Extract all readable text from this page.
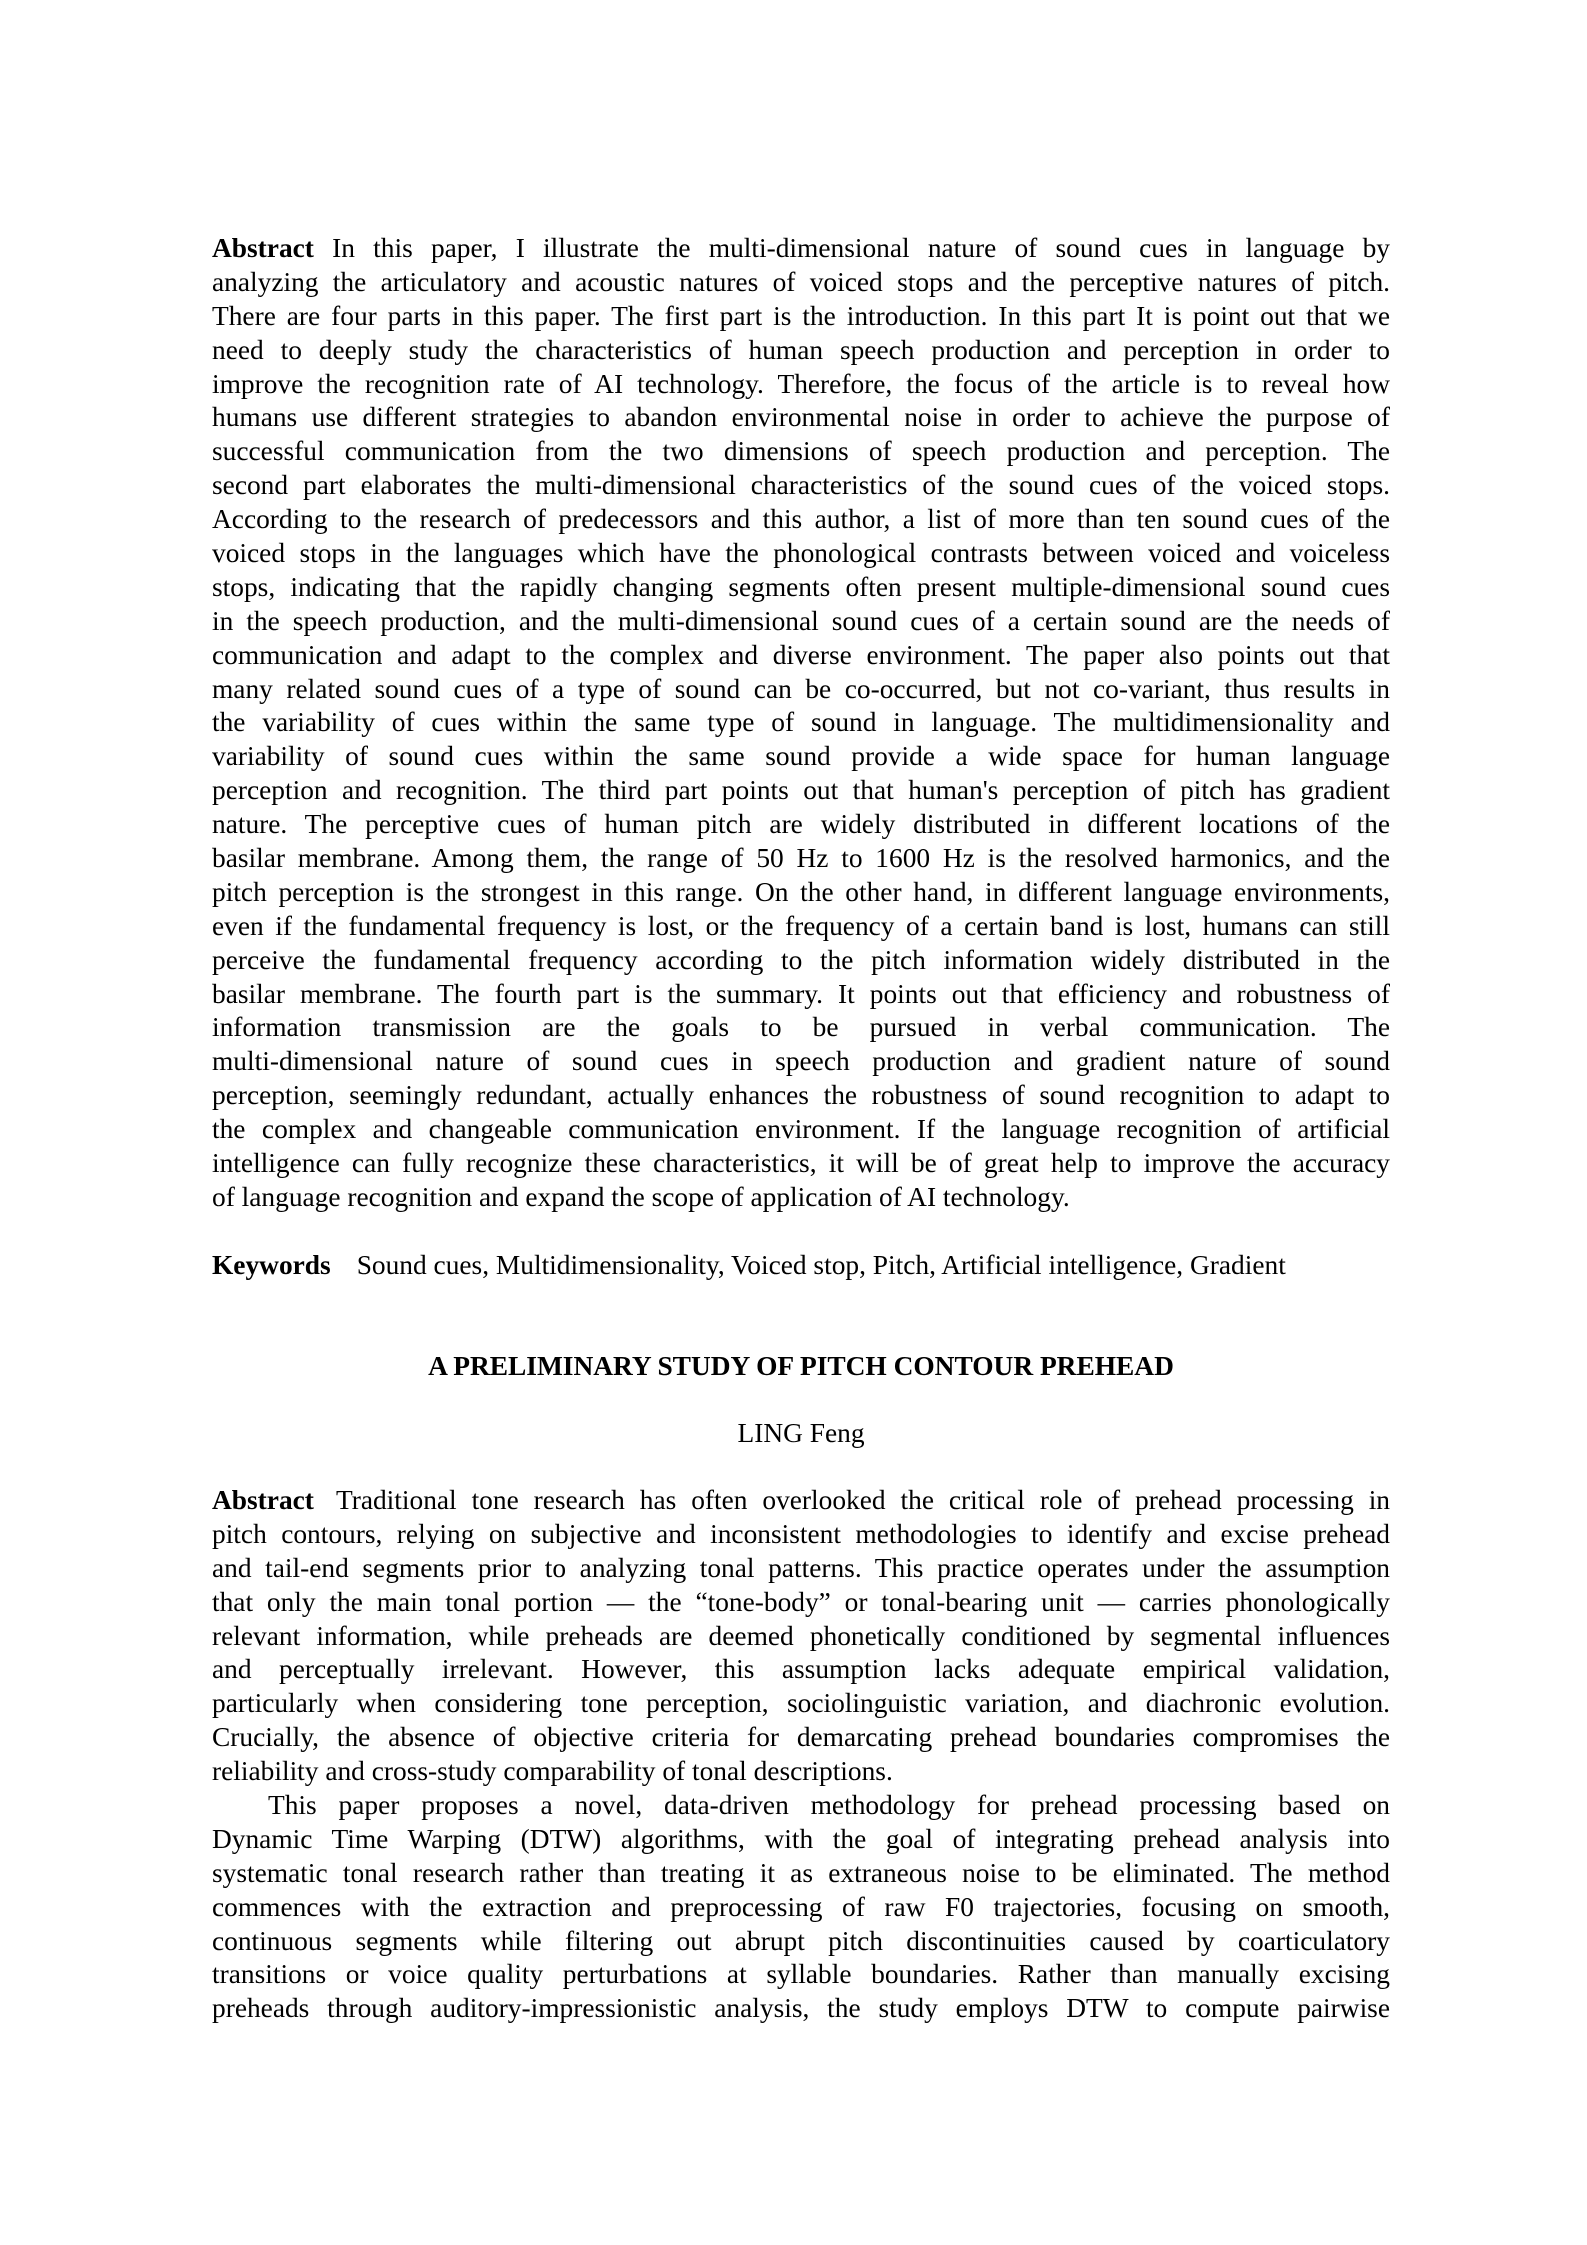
Abstract In this paper, I illustrate the multi-dimensional nature of sound cues in language by
analyzing the articulatory and acoustic natures of voiced stops and the perceptive natures of pitch.
There are four parts in this paper. The first part is the introduction. In this part It is point out that we
need to deeply study the characteristics of human speech production and perception in order to
improve the recognition rate of AI technology. Therefore, the focus of the article is to reveal how
humans use different strategies to abandon environmental noise in order to achieve the purpose of
successful communication from the two dimensions of speech production and perception. The
second part elaborates the multi-dimensional characteristics of the sound cues of the voiced stops.
According to the research of predecessors and this author, a list of more than ten sound cues of the
voiced stops in the languages which have the phonological contrasts between voiced and voiceless
stops, indicating that the rapidly changing segments often present multiple-dimensional sound cues
in the speech production, and the multi-dimensional sound cues of a certain sound are the needs of
communication and adapt to the complex and diverse environment. The paper also points out that
many related sound cues of a type of sound can be co-occurred, but not co-variant, thus results in
the variability of cues within the same type of sound in language. The multidimensionality and
variability of sound cues within the same sound provide a wide space for human language
perception and recognition. The third part points out that human's perception of pitch has gradient
nature. The perceptive cues of human pitch are widely distributed in different locations of the
basilar membrane. Among them, the range of 50 Hz to 1600 Hz is the resolved harmonics, and the
pitch perception is the strongest in this range. On the other hand, in different language environments,
even if the fundamental frequency is lost, or the frequency of a certain band is lost, humans can still
perceive the fundamental frequency according to the pitch information widely distributed in the
basilar membrane. The fourth part is the summary. It points out that efficiency and robustness of
information transmission are the goals to be pursued in verbal communication. The
multi-dimensional nature of sound cues in speech production and gradient nature of sound
perception, seemingly redundant, actually enhances the robustness of sound recognition to adapt to
the complex and changeable communication environment. If the language recognition of artificial
intelligence can fully recognize these characteristics, it will be of great help to improve the accuracy
of language recognition and expand the scope of application of AI technology.
Keywords Sound cues, Multidimensionality, Voiced stop, Pitch, Artificial intelligence, Gradient
A PRELIMINARY STUDY OF PITCH CONTOUR PREHEAD
LING Feng
Abstract Traditional tone research has often overlooked the critical role of prehead processing in
pitch contours, relying on subjective and inconsistent methodologies to identify and excise prehead
and tail-end segments prior to analyzing tonal patterns. This practice operates under the assumption
that only the main tonal portion — the “tone-body” or tonal-bearing unit — carries phonologically
relevant information, while preheads are deemed phonetically conditioned by segmental influences
and perceptually irrelevant. However, this assumption lacks adequate empirical validation,
particularly when considering tone perception, sociolinguistic variation, and diachronic evolution.
Crucially, the absence of objective criteria for demarcating prehead boundaries compromises the
reliability and cross-study comparability of tonal descriptions.
This paper proposes a novel, data-driven methodology for prehead processing based on
Dynamic Time Warping (DTW) algorithms, with the goal of integrating prehead analysis into
systematic tonal research rather than treating it as extraneous noise to be eliminated. The method
commences with the extraction and preprocessing of raw F0 trajectories, focusing on smooth,
continuous segments while filtering out abrupt pitch discontinuities caused by coarticulatory
transitions or voice quality perturbations at syllable boundaries. Rather than manually excising
preheads through auditory-impressionistic analysis, the study employs DTW to compute pairwise
